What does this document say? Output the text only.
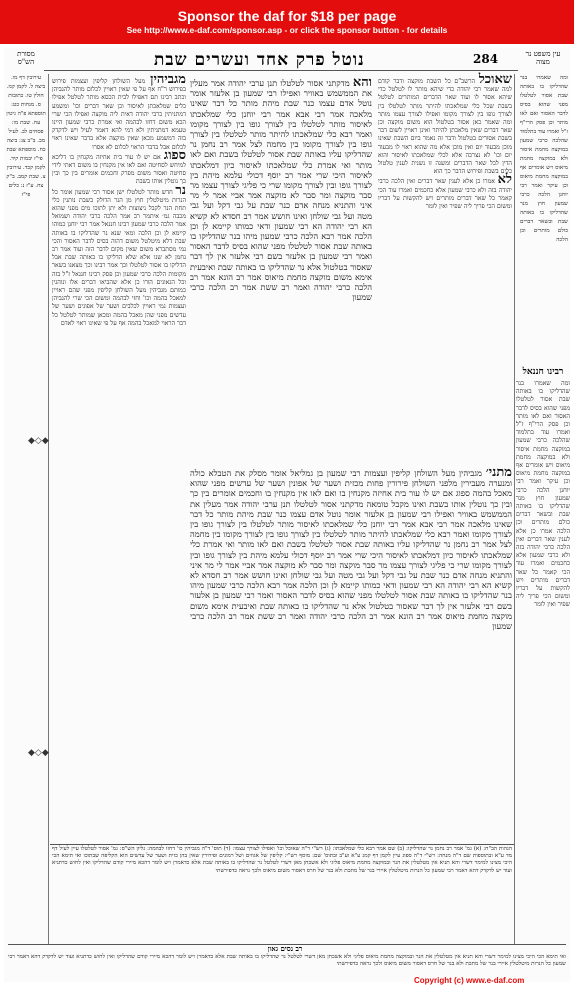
Sponsor the daf for $18 per page
See http://www.e-daf.com/sponsor.asp - or click the sponsor button - for details
מסורת הש"ס	נוטל פרק אחד ועשרים שבת	284	עין משפט נר מצוה
ומה שאמרו בנר שהדליקו בו באותה שבת אסור לטלטלו מפני שהוא בסיס לדבר האסור ואם לאו מותר וכן פסק הרי"ף ז"ל ואמרו עוד בתלמוד שהלכה כרבי שמעון במוקצה מחמת איסור ולא במוקצה מחמת מיאוס ויש אומרים אף במוקצה מחמת מיאוס וכן עיקר ואמר רבי יוחנן הלכה כרבי שמעון חוץ מנר שהדליקו בו באותה שבת ובשאר דברים כולם מותרים וכן הלכה
רבינו חננאל
ומה שאמרו בנר שהדליקו בו באותה שבת אסור לטלטלו מפני שהוא בסיס לדבר האסור ואם לאו מותר וכן פסק הרי"ף ז"ל ואמרו עוד בתלמוד שהלכה כרבי שמעון במוקצה מחמת איסור ולא במוקצה מחמת מיאוס ויש אומרים אף במוקצה מחמת מיאוס וכן עיקר ואמר רבי יוחנן הלכה כרבי שמעון חוץ מנר שהדליקו בו באותה שבת ובשאר דברים כולם מותרים וכן הלכה אמרו כן אלא לענין שאר דברים ואין הלכה כרבי יהודה בזה ולא כרבי שמעון אלא כחכמים ואמרו עוד הכי קאמר כל שאר דברים מותרים ויש להקשות על דבריו ומשום הכי פריך ליה שפיר ואין לומר
עירובין דף מו. ביצה ל. לקמן קמ. חולין טו. כתובות ס. מנחות כט: תוספתא פ"ה גיטין עח. שבת מו: פסחים לב. לעיל מב. ב"ב צג: ביצה כח. מוספתא שבת פי"ז יבמות קיד. לקמן קכד. עירובין צ. שבת קמב. ב"ק צח. ע"ז נ: כלים פי"ז
שאוכל הרשב"ם כל השבת מוקצה ודבר קודם למה שאמר רבי יהודה כדי שיהא מותר לו לטלטל כדי שיהא אסור לו ועוד שאר הדברים המותרים לטלטל בשבת שכל כלי שמלאכתו להיתר מותר לטלטלו בין לצורך גופו בין לצורך מקומו ואפילו לצורך עצמו מותר ומה שאמר כאן אסור בטלטול הוא משום מוקצה וכן שאר דברים שאין מלאכתן להיתר ואינן ראויין לשום דבר בשבת אסורים בטלטול ודבר זה נאמר ביום השבת שאינו מוכן מבעוד יום ואין מוכן אלא מה שהוא ראוי לו מבעוד יום וכו' לא נצרכה אלא לכלי שמלאכתו לאיסור והוא הדין לכל שאר הדברים ומשנה זו נשנית לענין טלטול כלים בשבת ופירוש הדבר כך הוא
לא אמרו כן אלא לענין שאר דברים ואין הלכה כרבי יהודה בזה ולא כרבי שמעון אלא כחכמים ואמרו עוד הכי קאמר כל שאר דברים מותרים ויש להקשות על דבריו ומשום הכי פריך ליה שפיר ואין לומר
והא מדקתני אסור לטלטלו תנן ערבי יהודה אמר מעלין את הממשמש באוויר ואפילו רבי שמעון בן אלעזר אומר נוטל אדם עצמו כנר שבת מיהת מותר כל דבר שאינו מלאכה אמר רבי אבא אמר רבי יוחנן כלי שמלאכתו לאיסור מותר לטלטלו בין לצורך גופו בין לצורך מקומו ואמר רבא כלי שמלאכתו להיתר מותר לטלטלו בין לצורך גופו בין לצורך מקומו בין מחמה לצל אמר רב נחמן נר שהדליקו עליו באותה שבת אסור לטלטלו בשבת ואם לאו מותר ואי אמרת כלי שמלאכתו לאיסור כיון דמלאכתו לאיסור היכי שרי אמר רב יוסף דכולי עלמא מיהת בין לצורך גופו ובין לצורך מקומו שרי כי פליגי לצורך עצמו מר סבר מוקצה ומר סבר לא מוקצה אמר אביי אמר לי מר איני והתניא מנחה אדם כנר שבת על גבי דקל ועל גבי מטה ועל גבי שולחן ואינו חושש אמר רב חסדא לא קשיא הא רבי יהודה הא רבי שמעון ודאי כמותו קיימא לן וכן הלכה אמר רבא הלכה כרבי שמעון מיהו בנר שהדליקו בו באותה שבת אסור לטלטלו מפני שהוא בסיס לדבר האסור ואמר רבי שמעון בן אלעזר בשם רבי אלעזר אין לך דבר שאסור בטלטול אלא נר שהדליקו בו באותה שבת ואיבעית אימא משום מוקצה מחמת מיאוס אמר רב הונא אמר רב הלכה כרבי יהודה ואמר רב ששת אמר רב הלכה כרבי שמעון
מתני׳ מגביהין מעל השולחן קליפין ועצמות רבי שמעון בן גמליאל אומר מסלק את הטבלא כולה ומנערה מעבירין מלפני השולחן פירורין פחות מכזית ושער של אפונין ושער של עדשים מפני שהוא מאכל בהמה ספוג אם יש לו עור בית אחיזה מקנחין בו ואם לאו אין מקנחין בו וחכמים אומרים בין כך ובין כך נוטלין אותו בשבת ואינו מקבל טומאה מדקתני אסור לטלטלו תנן ערבי יהודה אמר מעלין את הממשמש באוויר ואפילו רבי שמעון בן אלעזר אומר נוטל אדם עצמו כנר שבת מיהת מותר כל דבר שאינו מלאכה אמר רבי אבא אמר רבי יוחנן כלי שמלאכתו לאיסור מותר לטלטלו בין לצורך גופו בין לצורך מקומו ואמר רבא כלי שמלאכתו להיתר מותר לטלטלו בין לצורך גופו בין לצורך מקומו בין מחמה לצל אמר רב נחמן נר שהדליקו עליו באותה שבת אסור לטלטלו בשבת ואם לאו מותר ואי אמרת כלי שמלאכתו לאיסור כיון דמלאכתו לאיסור היכי שרי אמר רב יוסף דכולי עלמא מיהת בין לצורך גופו ובין לצורך מקומו שרי כי פליגי לצורך עצמו מר סבר מוקצה ומר סבר לא מוקצה אמר אביי אמר לי מר איני והתניא מנחה אדם כנר שבת על גבי דקל ועל גבי מטה ועל גבי שולחן ואינו חושש אמר רב חסדא לא קשיא הא רבי יהודה הא רבי שמעון ודאי כמותו קיימא לן וכן הלכה אמר רבא הלכה כרבי שמעון מיהו בנר שהדליקו בו באותה שבת אסור לטלטלו מפני שהוא בסיס לדבר האסור ואמר רבי שמעון בן אלעזר בשם רבי אלעזר אין לך דבר שאסור בטלטול אלא נר שהדליקו בו באותה שבת ואיבעית אימא משום מוקצה מחמת מיאוס אמר רב הונא אמר רב הלכה כרבי יהודה ואמר רב ששת אמר רב הלכה כרבי שמעון
מגביהין מעל השולחן קליפין ועצמות פירוש בפירוש ר"ח אף על פי שאין ראויין לכלום מותר להגביהן וכתב רבינו תם דאפילו לבית הכסא מותר לטלטל אפילו כלים שמלאכתן לאיסור וכן שאר דברים וכו' ומשמע דמתניתין כרבי יהודה דאית ליה מוקצה ואפילו הכי שרי הכא משום דחזו לבהמה ואי אמרת כרבי שמעון היינו טעמא דמתניתין ולא דמי להא דאמר לעיל ויש לדקדק בזה דמשמע מכאן שאין מוקצה אלא בדבר שאינו ראוי לכלום אבל בדבר הראוי לכלום לא אסרו
ספוג אם יש לו עור בית אחיזה מקנחין בו דליכא למיחש לסחיטה ואם לאו אין מקנחין בו משום דאתי לידי סחיטה ואסור משום מפרק וחכמים אומרים בין כך ובין כך נוטלין אותו בשבת
נר חדש מותר לטלטלו ישן אסור רבי שמעון אומר כל הנרות מיטלטלין חוץ מן הנר הדולק בשבת נותנין כלי תחת הנר לקבל ניצוצות ולא יתן לתוכו מים מפני שהוא מכבה גמ׳ איתמר רב אמר הלכה כרבי יהודה ושמואל אמר הלכה כרבי שמעון רבינו חננאל אמר רבי יוחנן כמוהו קיימא לן וכן הלכה ומאי שנא נר שהדליקו בו באותה שבת דלא מיטלטל משום דהוה בסיס לדבר האסור והכי נמי מסתברא משום שאין מקום לדבר הזה ועוד אמר רב נחמן לא שנו אלא שלא הדליקו בו באותה שבת אבל הדליקו בו אסור לטלטלו וכך אמר רבינו וכך מצאנו בשאר מקומות הלכה כרבי שמעון וכן פסק רבינו חננאל ז"ל בזה וכל הגאונים הורו כן אלא שהביאו דברים אלו ונוהגין כמותם מגביהין מעל השולחן קליפין מפני שהם ראויין למאכל בהמה וכו' וחזי לבהמה ומשום הכי שרי להגביהן ועצמות נמי ראויין לכלבים ושער של אפונים ושער של עדשים מפני שהן מאכל בהמה ומכאן שמותר לטלטל כל דבר הראוי למאכל בהמה אף על פי שאינו ראוי לאדם
◆◇◆
◆◇◆
הגהות הב"ח: (א) גמ' אמר רב נחמן נר שהדליקו: (ב) שם אמר רבא כלי שמלאכתו: (ג) רש"י ד"ה שאוכל וכו' ואפילו לצורך עצמו: (ד) תוס' ד"ה מגביהין כו' דחזו לבהמה: גליון הש"ס: גמ' אסור לטלטלו עיין לעיל דף מד ע"א ובתוספות שם ד"ה מנחה: רש"י ד"ה ספוג עיין לקמן דף קמג ע"א וע"ב ובתוס' שם: מוסף רש"י: קליפין של אגוזים ושל רמונים ופירורין שאין בהן כזית ושער של עדשים הוא הקליפה שבתוכו ואי תימא הכי היכי מצינו למימר דשרי והא תניא אין מטלטלין את הנר ובמוקצה מחמת מיאוס פליגי ולא אשכחן מאן דשרי לטלטל נר שהדליקו בו באותה שבת אלא כדאמרן ויש לומר דהכא מיירי קודם שהדליקו ואין לחוש כדתניא ועוד יש לדקדק דהא דאמר רבי שמעון כל הנרות מיטלטלין איירי בנר של מתכת ולא בנר של חרס דאסור משום מיאוס ולכך נראה כדפירשתי
רב נסים גאון
ואי תימא הכי היכי מצינו למימר דשרי והא תניא אין מטלטלין את הנר ובמוקצה מחמת מיאוס פליגי ולא אשכחן מאן דשרי לטלטל נר שהדליקו בו באותה שבת אלא כדאמרן ויש לומר דהכא מיירי קודם שהדליקו ואין לחוש כדתניא ועוד יש לדקדק דהא דאמר רבי שמעון כל הנרות מיטלטלין איירי בנר של מתכת ולא בנר של חרס דאסור משום מיאוס ולכך נראה כדפירשתי
Copyright (c) www.e-daf.com
